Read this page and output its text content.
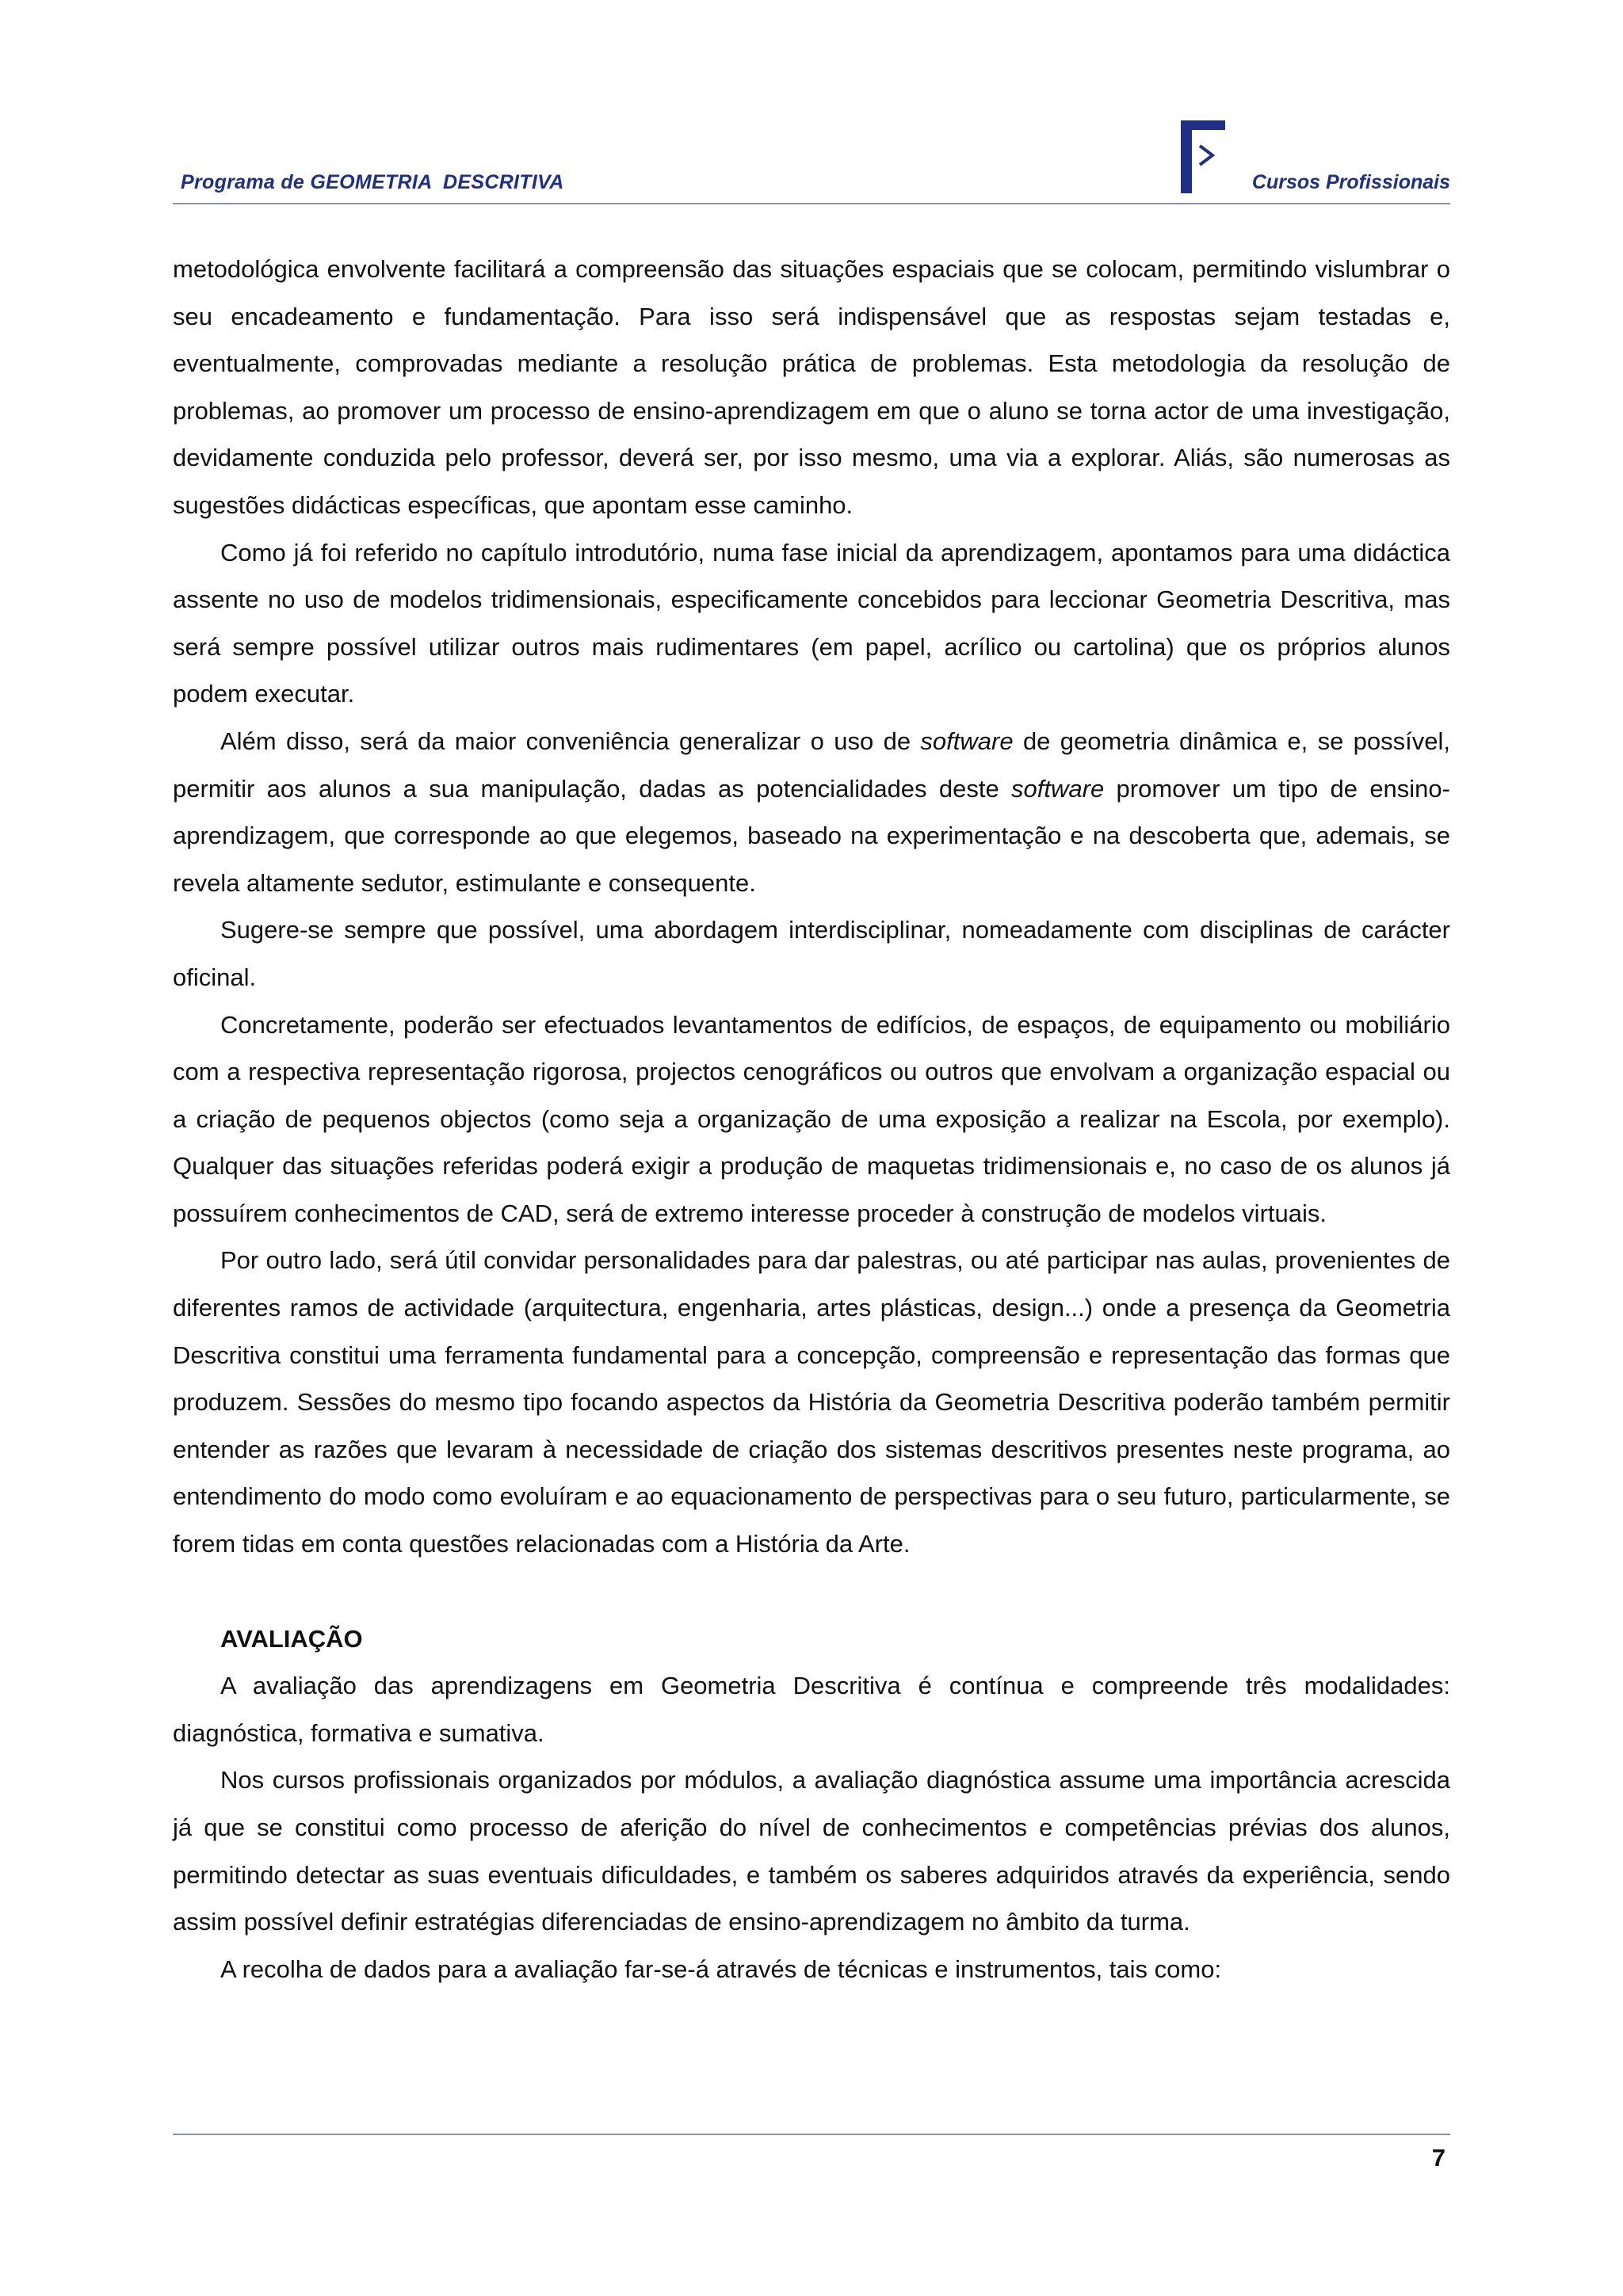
Programa de GEOMETRIA  DESCRITIVA	Cursos Profissionais

metodológica envolvente facilitará a compreensão das situações espaciais que se colocam, permitindo vislumbrar o seu encadeamento e fundamentação. Para isso será indispensável que as respostas sejam testadas e, eventualmente, comprovadas mediante a resolução prática de problemas. Esta metodologia da resolução de problemas, ao promover um processo de ensino-aprendizagem em que o aluno se torna actor de uma investigação, devidamente conduzida pelo professor, deverá ser, por isso mesmo, uma via a explorar. Aliás, são numerosas as sugestões didácticas específicas, que apontam esse caminho.

Como já foi referido no capítulo introdutório, numa fase inicial da aprendizagem, apontamos para uma didáctica assente no uso de modelos tridimensionais, especificamente concebidos para leccionar Geometria Descritiva, mas será sempre possível utilizar outros mais rudimentares (em papel, acrílico ou cartolina) que os próprios alunos podem executar.

Além disso, será da maior conveniência generalizar o uso de software de geometria dinâmica e, se possível, permitir aos alunos a sua manipulação, dadas as potencialidades deste software promover um tipo de ensino-aprendizagem, que corresponde ao que elegemos, baseado na experimentação e na descoberta que, ademais, se revela altamente sedutor, estimulante e consequente.

Sugere-se sempre que possível, uma abordagem interdisciplinar, nomeadamente com disciplinas de carácter oficinal.

Concretamente, poderão ser efectuados levantamentos de edifícios, de espaços, de equipamento ou mobiliário com a respectiva representação rigorosa, projectos cenográficos ou outros que envolvam a organização espacial ou a criação de pequenos objectos (como seja a organização de uma exposição a realizar na Escola, por exemplo). Qualquer das situações referidas poderá exigir a produção de maquetas tridimensionais e, no caso de os alunos já possuírem conhecimentos de CAD, será de extremo interesse proceder à construção de modelos virtuais.

Por outro lado, será útil convidar personalidades para dar palestras, ou até participar nas aulas, provenientes de diferentes ramos de actividade (arquitectura, engenharia, artes plásticas, design...) onde a presença da Geometria Descritiva constitui uma ferramenta fundamental para a concepção, compreensão e representação das formas que produzem. Sessões do mesmo tipo focando aspectos da História da Geometria Descritiva poderão também permitir entender as razões que levaram à necessidade de criação dos sistemas descritivos presentes neste programa, ao entendimento do modo como evoluíram e ao equacionamento de perspectivas para o seu futuro, particularmente, se forem tidas em conta questões relacionadas com a História da Arte.

AVALIAÇÃO

A avaliação das aprendizagens em Geometria Descritiva é contínua e compreende três modalidades: diagnóstica, formativa e sumativa.

Nos cursos profissionais organizados por módulos, a avaliação diagnóstica assume uma importância acrescida já que se constitui como processo de aferição do nível de conhecimentos e competências prévias dos alunos, permitindo detectar as suas eventuais dificuldades, e também os saberes adquiridos através da experiência, sendo assim possível definir estratégias diferenciadas de ensino-aprendizagem no âmbito da turma.

A recolha de dados para a avaliação far-se-á através de técnicas e instrumentos, tais como:

7
